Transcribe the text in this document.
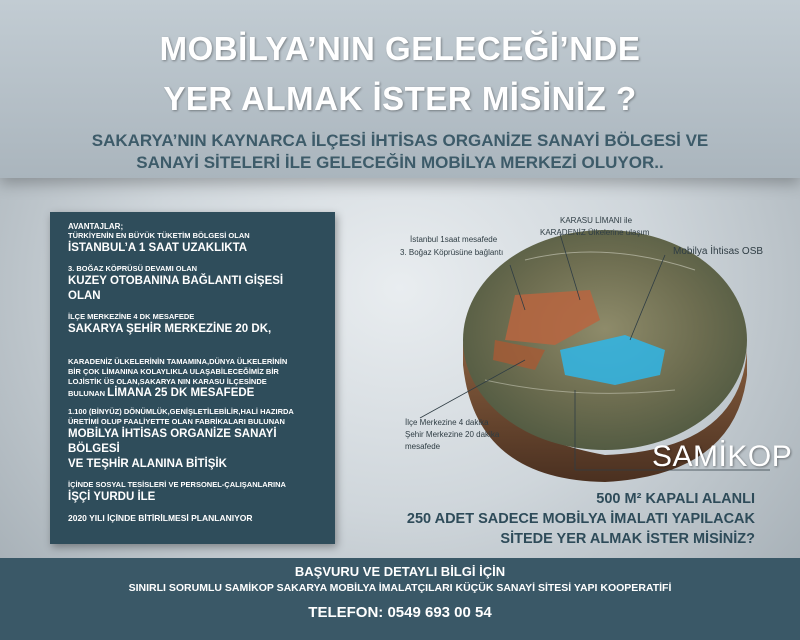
MOBİLYA’NIN GELECEĞİ’NDE
YER ALMAK İSTER MİSİNİZ ?

SAKARYA’NIN KAYNARCA İLÇESİ İHTİSAS ORGANİZE SANAYİ BÖLGESİ VE

SANAYİ SİTELERİ İLE GELECEĞİN MOBİLYA MERKEZİ OLUYOR..

AVANTAJLAR;

TÜRKİYENİN EN BÜYÜK TÜKETİM BÖLGESİ OLAN

İSTANBUL’A 1 SAAT UZAKLIKTA

3. BOĞAZ KÖPRÜSÜ DEVAMI OLAN

KUZEY OTOBANINA BAĞLANTI GİŞESİ OLAN

İLÇE MERKEZİNE 4 DK MESAFEDE

SAKARYA ŞEHİR MERKEZİNE 20 DK,

KARADENİZ ÜLKELERİNİN TAMAMINA,DÜNYA ÜLKELERİNİN

BİR ÇOK LİMANINA KOLAYLIKLA ULAŞABİLECEĞİMİZ BİR

LOJİSTİK ÜS OLAN,SAKARYA NIN KARASU İLÇESİNDE

BULUNAN LİMANA 25 DK MESAFEDE

1.100 (BİNYÜZ) DÖNÜMLÜK,GENİŞLETİLEBİLİR,HALİ HAZIRDA

ÜRETİMİ OLUP FAALİYETTE OLAN FABRİKALARI BULUNAN

MOBİLYA İHTİSAS ORGANİZE SANAYİ BÖLGESİ

VE TEŞHİR ALANINA BİTİŞİK

İÇİNDE SOSYAL TESİSLERİ VE PERSONEL-ÇALIŞANLARINA

İŞÇİ YURDU İLE

2020 YILI İÇİNDE BİTİRİLMESİ PLANLANIYOR

İstanbul 1saat mesafede

3. Boğaz Köprüsüne bağlantı

KARASU LİMANI ile

KARADENİZ Ülkelerine ulaşım

Mobilya İhtisas OSB

İlçe Merkezine 4 dakika

Şehir Merkezine 20 dakika

mesafede	SAMİKOP

500 M² KAPALI ALANLI

250 ADET SADECE MOBİLYA İMALATI YAPILACAK

SİTEDE YER ALMAK İSTER MİSİNİZ?

BAŞVURU VE DETAYLI BİLGİ İÇİN

SINIRLI SORUMLU SAMİKOP SAKARYA MOBİLYA İMALATÇILARI KÜÇÜK SANAYİ SİTESİ YAPI KOOPERATİFİ

TELEFON: 0549 693 00 54
